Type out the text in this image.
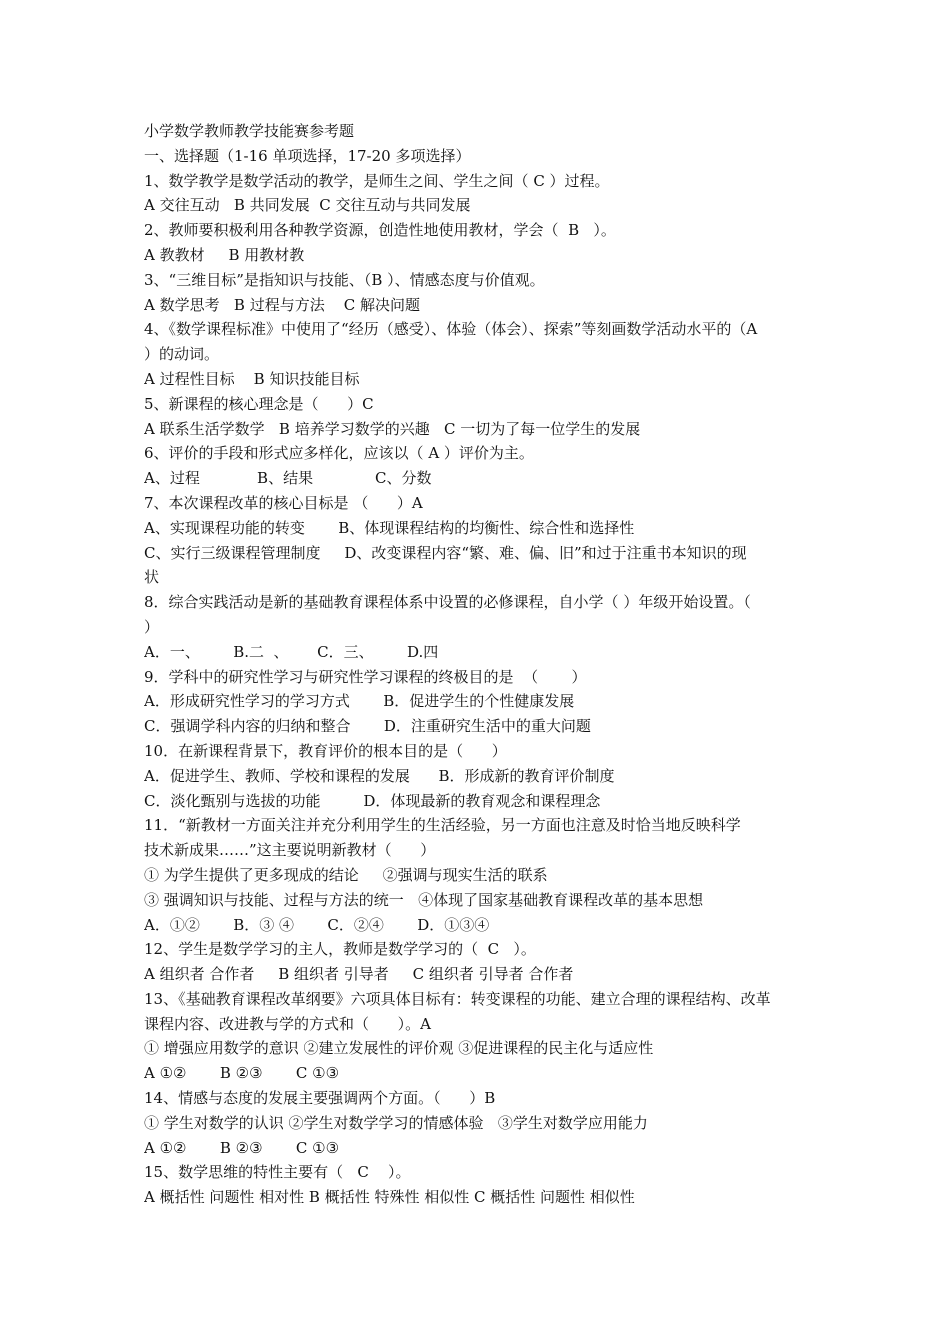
小学数学教师教学技能赛参考题
一、选择题（1-16 单项选择，17-20 多项选择）
1、数学教学是数学活动的教学，是师生之间、学生之间（ C ）过程。
A 交往互动   B 共同发展  C 交往互动与共同发展
2、教师要积极利用各种教学资源，创造性地使用教材，学会（  B   ）。
A 教教材     B 用教材教
3、“三维目标”是指知识与技能、（B ）、情感态度与价值观。
A 数学思考   B 过程与方法    C 解决问题
4、《数学课程标准》中使用了“经历（感受）、体验（体会）、探索”等刻画数学活动水平的（A
）的动词。
A 过程性目标    B 知识技能目标
5、新课程的核心理念是（      ）C
A 联系生活学数学   B 培养学习数学的兴趣   C 一切为了每一位学生的发展
6、评价的手段和形式应多样化，应该以（ A ）评价为主。
A、过程            B、结果             C、分数
7、本次课程改革的核心目标是 （      ）A
A、实现课程功能的转变       B、体现课程结构的均衡性、综合性和选择性
C、实行三级课程管理制度     D、改变课程内容“繁、难、偏、旧”和过于注重书本知识的现
状
8．综合实践活动是新的基础教育课程体系中设置的必修课程，自小学（ ）年级开始设置。（
）
A．一、       B.二  、      C．三、       D.四
9．学科中的研究性学习与研究性学习课程的终极目的是  （       ）
A．形成研究性学习的学习方式       B．促进学生的个性健康发展
C．强调学科内容的归纳和整合       D．注重研究生活中的重大问题
10．在新课程背景下，教育评价的根本目的是（      ）
A．促进学生、教师、学校和课程的发展      B．形成新的教育评价制度
C．淡化甄别与选拔的功能         D．体现最新的教育观念和课程理念
11．“新教材一方面关注并充分利用学生的生活经验，另一方面也注意及时恰当地反映科学
技术新成果……”这主要说明新教材（      ）
① 为学生提供了更多现成的结论     ②强调与现实生活的联系
③ 强调知识与技能、过程与方法的统一   ④体现了国家基础教育课程改革的基本思想
A．①②       B．③ ④       C．②④       D．①③④
12、学生是数学学习的主人，教师是数学学习的（  C   ）。
A 组织者 合作者     B 组织者 引导者     C 组织者 引导者 合作者
13、《基础教育课程改革纲要》六项具体目标有：转变课程的功能、建立合理的课程结构、改革
课程内容、改进教与学的方式和（      ）。A
① 增强应用数学的意识 ②建立发展性的评价观 ③促进课程的民主化与适应性
A ①②       B ②③       C ①③
14、情感与态度的发展主要强调两个方面。（      ）B
① 学生对数学的认识 ②学生对数学学习的情感体验   ③学生对数学应用能力
A ①②       B ②③       C ①③
15、数学思维的特性主要有（   C    ）。
A 概括性 问题性 相对性 B 概括性 特殊性 相似性 C 概括性 问题性 相似性
